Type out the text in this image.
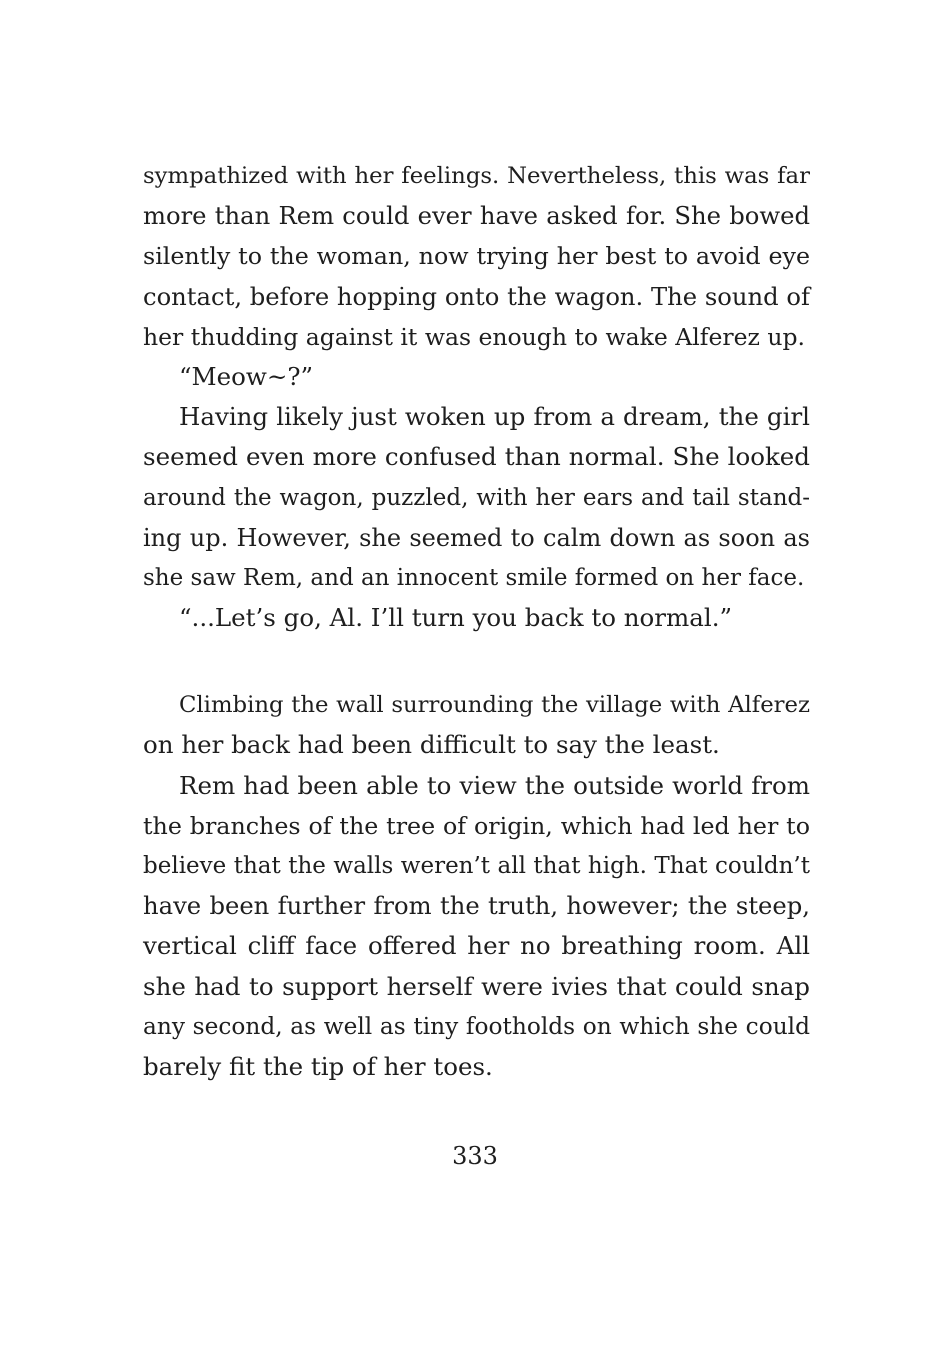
sympathized with her feelings. Nevertheless, this was far
more than Rem could ever have asked for. She bowed
silently to the woman, now trying her best to avoid eye
contact, before hopping onto the wagon. The sound of
her thudding against it was enough to wake Alferez up.
“Meow~?”
Having likely just woken up from a dream, the girl
seemed even more confused than normal. She looked
around the wagon, puzzled, with her ears and tail stand-
ing up. However, she seemed to calm down as soon as
she saw Rem, and an innocent smile formed on her face.
“...Let’s go, Al. I’ll turn you back to normal.”
Climbing the wall surrounding the village with Alferez
on her back had been difficult to say the least.
Rem had been able to view the outside world from
the branches of the tree of origin, which had led her to
believe that the walls weren’t all that high. That couldn’t
have been further from the truth, however; the steep,
vertical cliff face offered her no breathing room. All
she had to support herself were ivies that could snap
any second, as well as tiny footholds on which she could
barely fit the tip of her toes.
333
